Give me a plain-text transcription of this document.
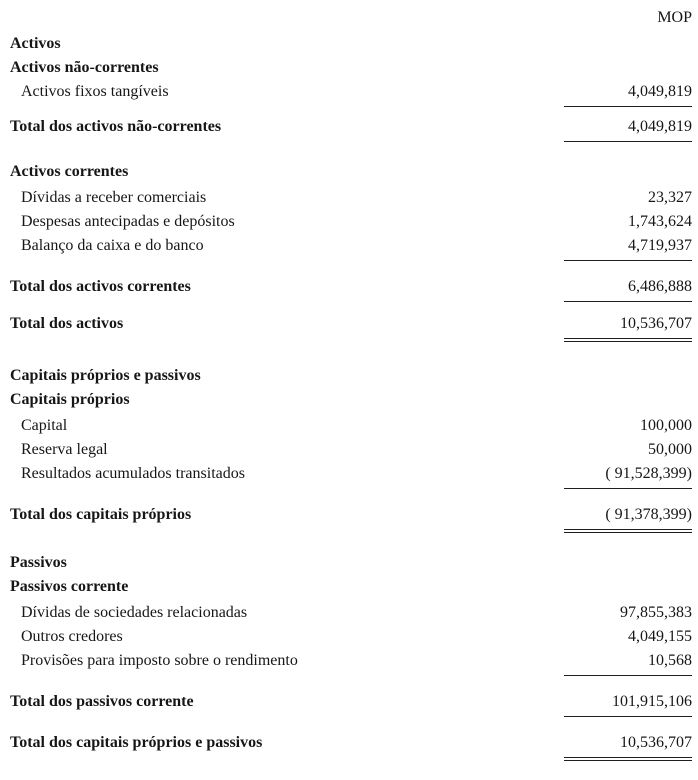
MOP
Activos
Activos não-correntes
Activos fixos tangíveis	4,049,819
Total dos activos não-correntes	4,049,819
Activos correntes
Dívidas a receber comerciais	23,327
Despesas antecipadas e depósitos	1,743,624
Balanço da caixa e do banco	4,719,937
Total dos activos correntes	6,486,888
Total dos activos	10,536,707
Capitais próprios e passivos
Capitais próprios
Capital	100,000
Reserva legal	50,000
Resultados acumulados transitados	( 91,528,399)
Total dos capitais próprios	( 91,378,399)
Passivos
Passivos corrente
Dívidas de sociedades relacionadas	97,855,383
Outros credores	4,049,155
Provisões para imposto sobre o rendimento	10,568
Total dos passivos corrente	101,915,106
Total dos capitais próprios e passivos	10,536,707
